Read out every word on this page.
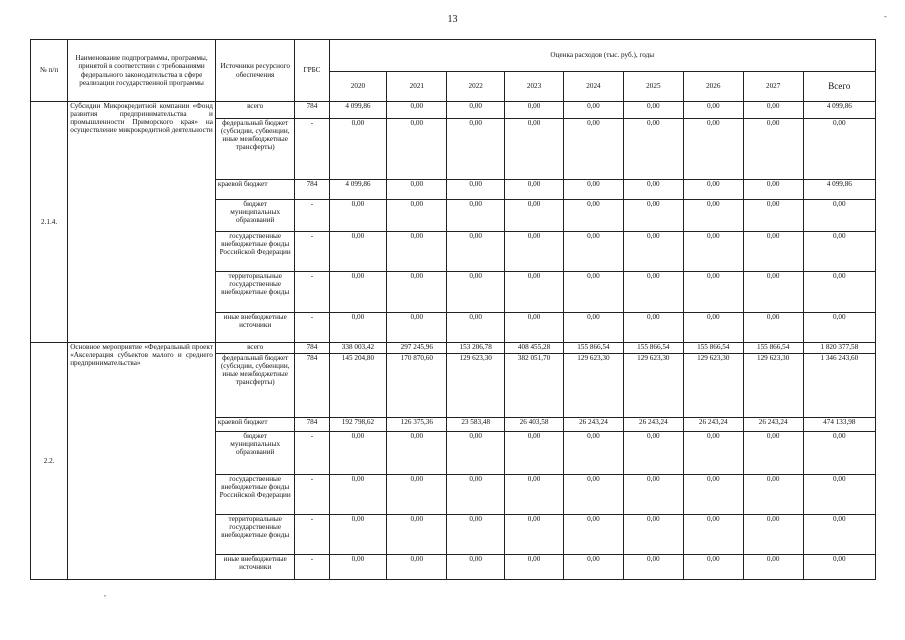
13	-
,
№ п/п	Наименование подпрограммы, программы, принятой в соответствии с требованиями федерального законодательства в сфере реализации государственной программы	Источники ресурсного обеспечения	ГРБС	Оценка расходов (тыс. руб.), годы								
				2020	2021	2022	2023	2024	2025	2026	2027	Всего
2.1.4.	Субсидии Микрокредитной компании «Фонд развития предпринимательства и промышленности Приморского края» на осуществление микрокредитной деятельности	всего	784	4 099,86	0,00	0,00	0,00	0,00	0,00	0,00	0,00	4 099,86
		федеральный бюджет (субсидии, субвенции, иные межбюджетные трансферты)	-	0,00	0,00	0,00	0,00	0,00	0,00	0,00	0,00	0,00
		краевой бюджет	784	4 099,86	0,00	0,00	0,00	0,00	0,00	0,00	0,00	4 099,86
		бюджет муниципальных образований	-	0,00	0,00	0,00	0,00	0,00	0,00	0,00	0,00	0,00
		государственные внебюджетные фонды Российской Федерации	-	0,00	0,00	0,00	0,00	0,00	0,00	0,00	0,00	0,00
		территориальные государственные внебюджетные фонды	-	0,00	0,00	0,00	0,00	0,00	0,00	0,00	0,00	0,00
		иные внебюджетные источники	-	0,00	0,00	0,00	0,00	0,00	0,00	0,00	0,00	0,00
2.2.	Основное мероприятие «Федеральный проект «Акселерация субъектов малого и среднего предпринимательства»	всего	784	338 003,42	297 245,96	153 206,78	408 455,28	155 866,54	155 866,54	155 866,54	155 866,54	1 820 377,58
		федеральный бюджет (субсидии, субвенции, иные межбюджетные трансферты)	784	145 204,80	170 870,60	129 623,30	382 051,70	129 623,30	129 623,30	129 623,30	129 623,30	1 346 243,60
		краевой бюджет	784	192 798,62	126 375,36	23 583,48	26 403,58	26 243,24	26 243,24	26 243,24	26 243,24	474 133,98
		бюджет муниципальных образований	-	0,00	0,00	0,00	0,00	0,00	0,00	0,00	0,00	0,00
		государственные внебюджетные фонды Российской Федерации	-	0,00	0,00	0,00	0,00	0,00	0,00	0,00	0,00	0,00
		территориальные государственные внебюджетные фонды	-	0,00	0,00	0,00	0,00	0,00	0,00	0,00	0,00	0,00
		иные внебюджетные источники	-	0,00	0,00	0,00	0,00	0,00	0,00	0,00	0,00	0,00
